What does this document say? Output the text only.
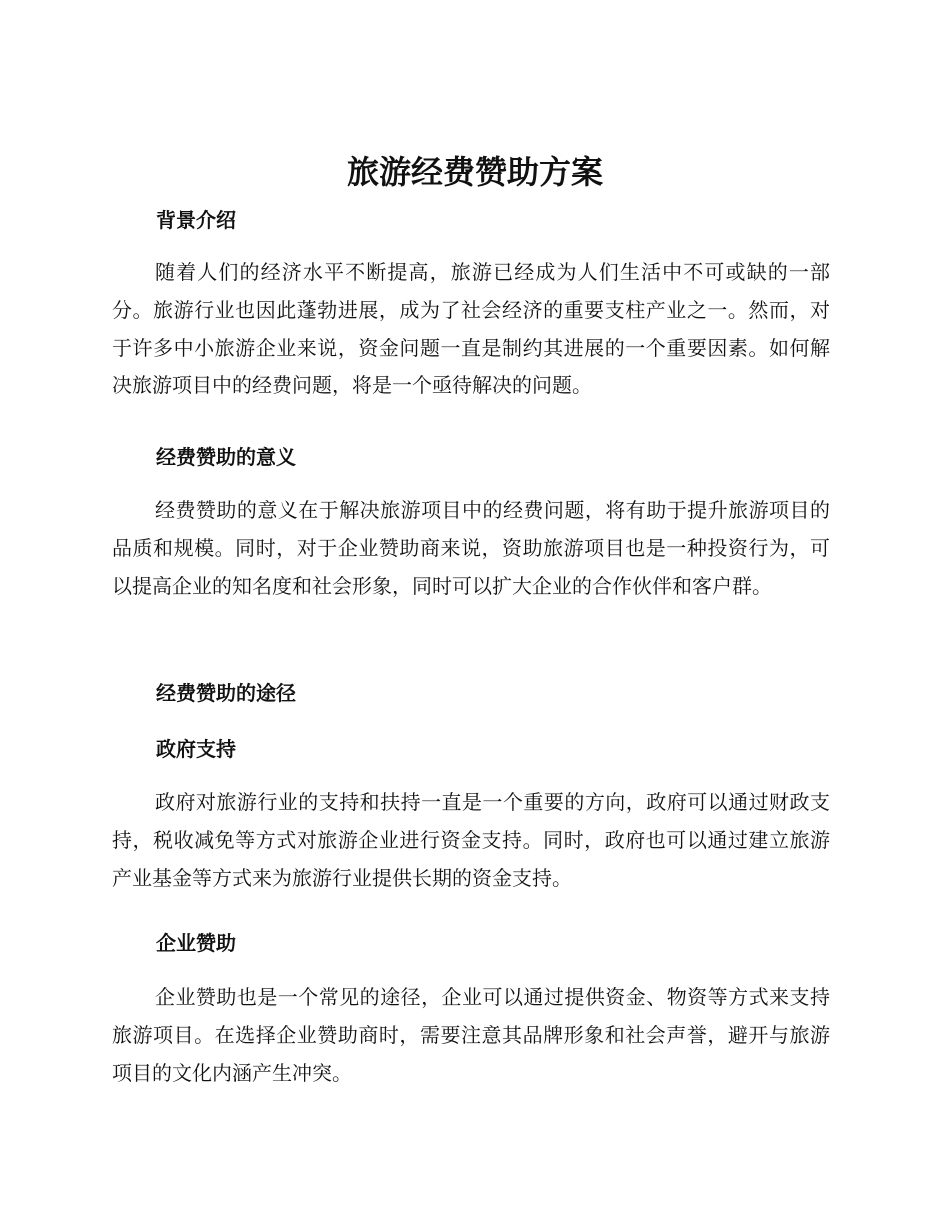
旅游经费赞助方案
背景介绍

随着人们的经济水平不断提高，旅游已经成为人们生活中不可或缺的一部分。旅游行业也因此蓬勃进展，成为了社会经济的重要支柱产业之一。然而，对于许多中小旅游企业来说，资金问题一直是制约其进展的一个重要因素。如何解决旅游项目中的经费问题，将是一个亟待解决的问题。

经费赞助的意义

经费赞助的意义在于解决旅游项目中的经费问题，将有助于提升旅游项目的品质和规模。同时，对于企业赞助商来说，资助旅游项目也是一种投资行为，可以提高企业的知名度和社会形象，同时可以扩大企业的合作伙伴和客户群。

经费赞助的途径
政府支持

政府对旅游行业的支持和扶持一直是一个重要的方向，政府可以通过财政支持，税收减免等方式对旅游企业进行资金支持。同时，政府也可以通过建立旅游产业基金等方式来为旅游行业提供长期的资金支持。

企业赞助

企业赞助也是一个常见的途径，企业可以通过提供资金、物资等方式来支持旅游项目。在选择企业赞助商时，需要注意其品牌形象和社会声誉，避开与旅游项目的文化内涵产生冲突。
